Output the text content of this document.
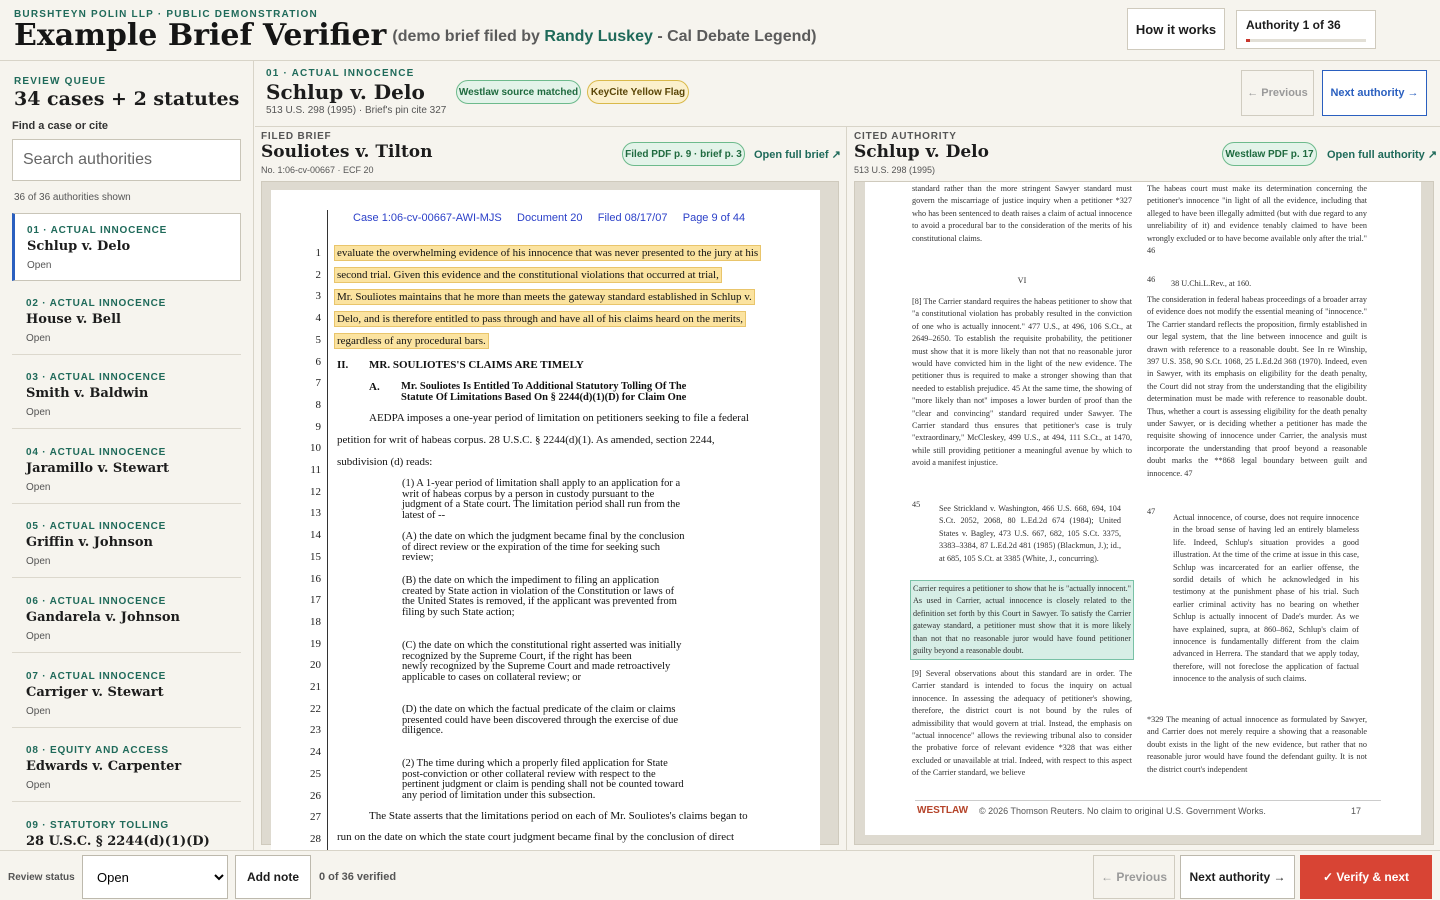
BURSHTEYN POLIN LLP · PUBLIC DEMONSTRATION
Example Brief Verifier (demo brief filed by Randy Luskey - Cal Debate Legend)	How it works	Authority 1 of 36
REVIEW QUEUE
34 cases + 2 statutes
Find a case or cite
Search authorities
36 of 36 authorities shown
01 · ACTUAL INNOCENCE
Schlup v. Delo
Open
02 · ACTUAL INNOCENCE
House v. Bell
Open
03 · ACTUAL INNOCENCE
Smith v. Baldwin
Open
04 · ACTUAL INNOCENCE
Jaramillo v. Stewart
Open
05 · ACTUAL INNOCENCE
Griffin v. Johnson
Open
06 · ACTUAL INNOCENCE
Gandarela v. Johnson
Open
07 · ACTUAL INNOCENCE
Carriger v. Stewart
Open
08 · EQUITY AND ACCESS
Edwards v. Carpenter
Open
09 · STATUTORY TOLLING
28 U.S.C. § 2244(d)(1)(D)
01 · ACTUAL INNOCENCE
Schlup v. Delo
513 U.S. 298 (1995) · Brief's pin cite 327
Westlaw source matched	KeyCite Yellow Flag	← Previous	Next authority →
FILED BRIEF
Souliotes v. Tilton
No. 1:06-cv-00667 · ECF 20
Filed PDF p. 9 · brief p. 3 Open full brief ↗
Case 1:06-cv-00667-AWI-MJS     Document 20     Filed 08/17/07     Page 9 of 44
1
2
3
4
5
6
7
8
9
10
11
12
13
14
15
16
17
18
19
20
21
22
23
24
25
26
27
28
evaluate the overwhelming evidence of his innocence that was never presented to the jury at his
second trial. Given this evidence and the constitutional violations that occurred at trial,
Mr. Souliotes maintains that he more than meets the gateway standard established in Schlup v.
Delo, and is therefore entitled to pass through and have all of his claims heard on the merits,
regardless of any procedural bars.
II. MR. SOULIOTES'S CLAIMS ARE TIMELY
A. Mr. Souliotes Is Entitled To Additional Statutory Tolling Of The
Statute Of Limitations Based On § 2244(d)(1)(D) for Claim One
AEDPA imposes a one-year period of limitation on petitioners seeking to file a federal
petition for writ of habeas corpus. 28 U.S.C. § 2244(d)(1). As amended, section 2244,
subdivision (d) reads:
(1) A 1-year period of limitation shall apply to an application for a
writ of habeas corpus by a person in custody pursuant to the
judgment of a State court. The limitation period shall run from the
latest of --
(A) the date on which the judgment became final by the conclusion
of direct review or the expiration of the time for seeking such
review;
(B) the date on which the impediment to filing an application
created by State action in violation of the Constitution or laws of
the United States is removed, if the applicant was prevented from
filing by such State action;
(C) the date on which the constitutional right asserted was initially
recognized by the Supreme Court, if the right has been
newly recognized by the Supreme Court and made retroactively
applicable to cases on collateral review; or
(D) the date on which the factual predicate of the claim or claims
presented could have been discovered through the exercise of due
diligence.
(2) The time during which a properly filed application for State
post-conviction or other collateral review with respect to the
pertinent judgment or claim is pending shall not be counted toward
any period of limitation under this subsection.
The State asserts that the limitations period on each of Mr. Souliotes's claims began to
run on the date on which the state court judgment became final by the conclusion of direct
CITED AUTHORITY
Schlup v. Delo
513 U.S. 298 (1995)
Westlaw PDF p. 17	Open full authority ↗
standard rather than the more stringent Sawyer standard must govern the miscarriage of justice inquiry when a petitioner *327 who has been sentenced to death raises a claim of actual innocence to avoid a procedural bar to the consideration of the merits of his constitutional claims.
VI
[8] The Carrier standard requires the habeas petitioner to show that "a constitutional violation has probably resulted in the conviction of one who is actually innocent." 477 U.S., at 496, 106 S.Ct., at 2649–2650. To establish the requisite probability, the petitioner must show that it is more likely than not that no reasonable juror would have convicted him in the light of the new evidence. The petitioner thus is required to make a stronger showing than that needed to establish prejudice. 45 At the same time, the showing of "more likely than not" imposes a lower burden of proof than the "clear and convincing" standard required under Sawyer. The Carrier standard thus ensures that petitioner's case is truly "extraordinary," McCleskey, 499 U.S., at 494, 111 S.Ct., at 1470, while still providing petitioner a meaningful avenue by which to avoid a manifest injustice.
45	See Strickland v. Washington, 466 U.S. 668, 694, 104 S.Ct. 2052, 2068, 80 L.Ed.2d 674 (1984); United States v. Bagley, 473 U.S. 667, 682, 105 S.Ct. 3375, 3383–3384, 87 L.Ed.2d 481 (1985) (Blackmun, J.); id., at 685, 105 S.Ct. at 3385 (White, J., concurring).
Carrier requires a petitioner to show that he is "actually innocent." As used in Carrier, actual innocence is closely related to the definition set forth by this Court in Sawyer. To satisfy the Carrier gateway standard, a petitioner must show that it is more likely than not that no reasonable juror would have found petitioner guilty beyond a reasonable doubt.
[9] Several observations about this standard are in order. The Carrier standard is intended to focus the inquiry on actual innocence. In assessing the adequacy of petitioner's showing, therefore, the district court is not bound by the rules of admissibility that would govern at trial. Instead, the emphasis on "actual innocence" allows the reviewing tribunal also to consider the probative force of relevant evidence *328 that was either excluded or unavailable at trial. Indeed, with respect to this aspect of the Carrier standard, we believe
The habeas court must make its determination concerning the petitioner's innocence "in light of all the evidence, including that alleged to have been illegally admitted (but with due regard to any unreliability of it) and evidence tenably claimed to have been wrongly excluded or to have become available only after the trial." 46
46	38 U.Chi.L.Rev., at 160.
The consideration in federal habeas proceedings of a broader array of evidence does not modify the essential meaning of "innocence." The Carrier standard reflects the proposition, firmly established in our legal system, that the line between innocence and guilt is drawn with reference to a reasonable doubt. See In re Winship, 397 U.S. 358, 90 S.Ct. 1068, 25 L.Ed.2d 368 (1970). Indeed, even in Sawyer, with its emphasis on eligibility for the death penalty, the Court did not stray from the understanding that the eligibility determination must be made with reference to reasonable doubt. Thus, whether a court is assessing eligibility for the death penalty under Sawyer, or is deciding whether a petitioner has made the requisite showing of innocence under Carrier, the analysis must incorporate the understanding that proof beyond a reasonable doubt marks the **868 legal boundary between guilt and innocence. 47
47
Actual innocence, of course, does not require innocence in the broad sense of having led an entirely blameless life. Indeed, Schlup's situation provides a good illustration. At the time of the crime at issue in this case, Schlup was incarcerated for an earlier offense, the sordid details of which he acknowledged in his testimony at the punishment phase of his trial. Such earlier criminal activity has no bearing on whether Schlup is actually innocent of Dade's murder. As we have explained, supra, at 860–862, Schlup's claim of innocence is fundamentally different from the claim advanced in Herrera. The standard that we apply today, therefore, will not foreclose the application of factual innocence to the analysis of such claims.
*329 The meaning of actual innocence as formulated by Sawyer, and Carrier does not merely require a showing that a reasonable doubt exists in the light of the new evidence, but rather that no reasonable juror would have found the defendant guilty. It is not the district court's independent
WESTLAW © 2026 Thomson Reuters. No claim to original U.S. Government Works.	17
Review status
Open	Add note	0 of 36 verified	← Previous	Next authority →	✓ Verify & next
